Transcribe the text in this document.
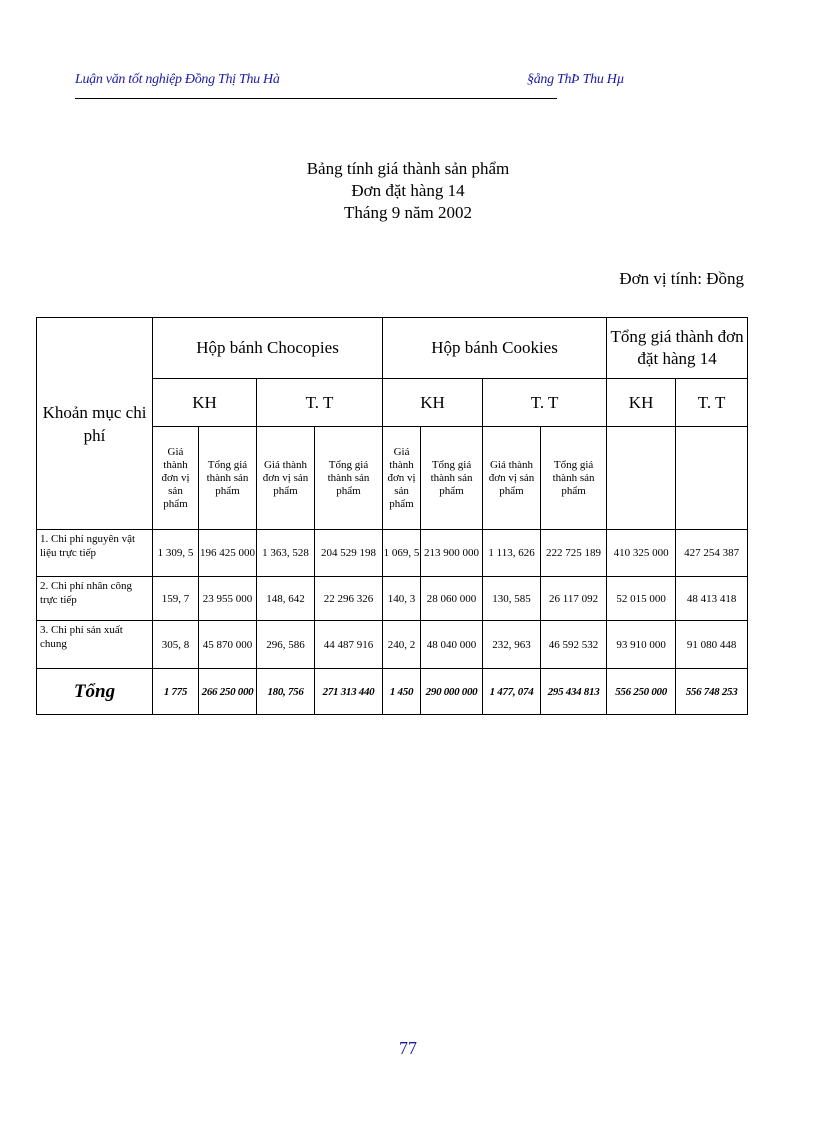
Luận văn tốt nghiệp Đồng Thị Thu Hà	§ång ThÞ Thu Hµ
Bảng tính giá thành sản phẩm
Đơn đặt hàng 14
Tháng 9 năm 2002
Đơn vị tính: Đồng
Khoản mục chi phí	Hộp bánh Chocopies				Hộp bánh Cookies				Tổng giá thành đơn đặt hàng 14	
	KH		T. T		KH		T. T		KH	T. T
	Giá thành đơn vị sản phẩm	Tổng giá thành sản phẩm	Giá thành đơn vị sản phẩm	Tổng giá thành sản phẩm	Giá thành đơn vị sản phẩm	Tổng giá thành sản phẩm	Giá thành đơn vị sản phẩm	Tổng giá thành sản phẩm		
1. Chi phí nguyên vật liệu trực tiếp	1 309, 5	196 425 000	1 363, 528	204 529 198	1 069, 5	213 900 000	1 113, 626	222 725 189	410 325 000	427 254 387
2. Chi phí nhân công trực tiếp	159, 7	23 955 000	148, 642	22 296 326	140, 3	28 060 000	130, 585	26 117 092	52 015 000	48 413 418
3. Chi phí sản xuất chung	305, 8	45 870 000	296, 586	44 487 916	240, 2	48 040 000	232, 963	46 592 532	93 910 000	91 080 448
Tổng	1 775	266 250 000	180, 756	271 313 440	1 450	290 000 000	1 477, 074	295 434 813	556 250 000	556 748 253
77
